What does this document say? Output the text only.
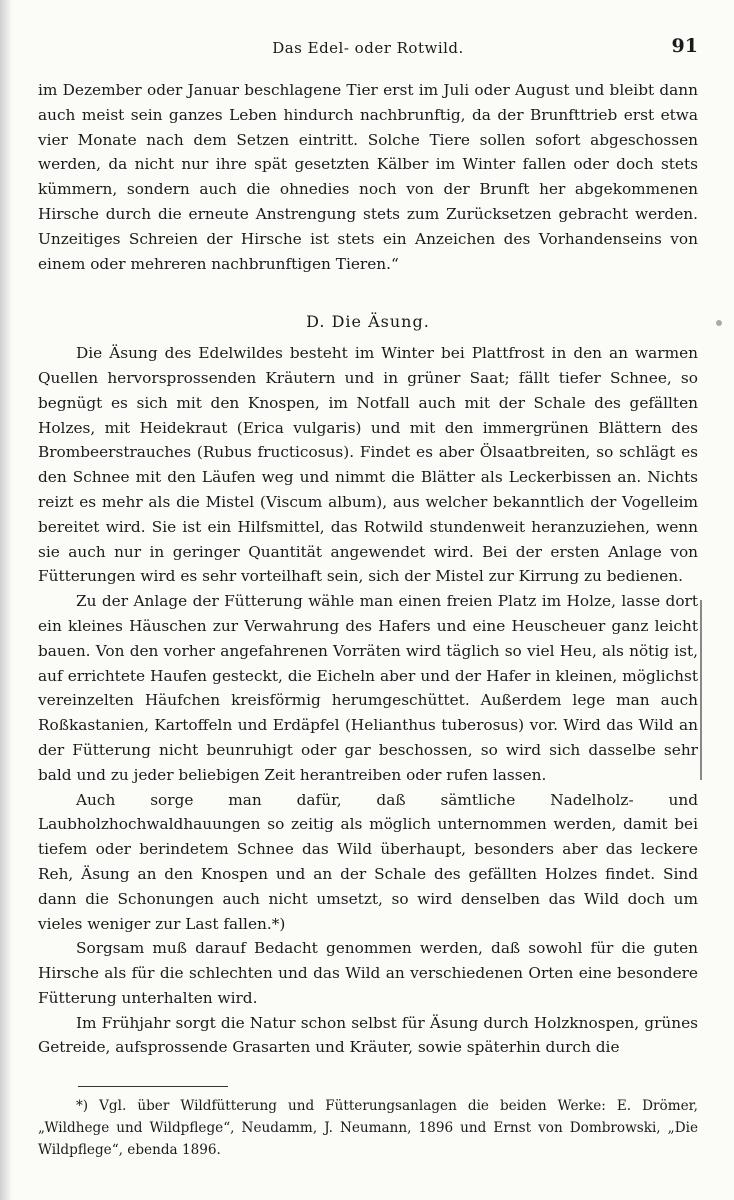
Das Edel- oder Rotwild.	91

im Dezember oder Januar beschlagene Tier erst im Juli oder August und bleibt dann auch meist sein ganzes Leben hindurch nachbrunftig, da der Brunfttrieb erst etwa vier Monate nach dem Setzen eintritt. Solche Tiere sollen sofort abgeschossen werden, da nicht nur ihre spät gesetzten Kälber im Winter fallen oder doch stets kümmern, sondern auch die ohnedies noch von der Brunft her abgekommenen Hirsche durch die erneute Anstrengung stets zum Zurücksetzen gebracht werden. Unzeitiges Schreien der Hirsche ist stets ein Anzeichen des Vorhandenseins von einem oder mehreren nachbrunftigen Tieren.“

D. Die Äsung.

Die Äsung des Edelwildes besteht im Winter bei Plattfrost in den an warmen Quellen hervorsprossenden Kräutern und in grüner Saat; fällt tiefer Schnee, so begnügt es sich mit den Knospen, im Notfall auch mit der Schale des gefällten Holzes, mit Heidekraut (Erica vulgaris) und mit den immergrünen Blättern des Brombeerstrauches (Rubus fructicosus). Findet es aber Ölsaatbreiten, so schlägt es den Schnee mit den Läufen weg und nimmt die Blätter als Leckerbissen an. Nichts reizt es mehr als die Mistel (Viscum album), aus welcher bekanntlich der Vogelleim bereitet wird. Sie ist ein Hilfsmittel, das Rotwild stundenweit heranzuziehen, wenn sie auch nur in geringer Quantität angewendet wird. Bei der ersten Anlage von Fütterungen wird es sehr vorteilhaft sein, sich der Mistel zur Kirrung zu bedienen.

Zu der Anlage der Fütterung wähle man einen freien Platz im Holze, lasse dort ein kleines Häuschen zur Verwahrung des Hafers und eine Heuscheuer ganz leicht bauen. Von den vorher angefahrenen Vorräten wird täglich so viel Heu, als nötig ist, auf errichtete Haufen gesteckt, die Eicheln aber und der Hafer in kleinen, möglichst vereinzelten Häufchen kreisförmig herumgeschüttet. Außerdem lege man auch Roßkastanien, Kartoffeln und Erdäpfel (Helianthus tuberosus) vor. Wird das Wild an der Fütterung nicht beunruhigt oder gar beschossen, so wird sich dasselbe sehr bald und zu jeder beliebigen Zeit herantreiben oder rufen lassen.

Auch sorge man dafür, daß sämtliche Nadelholz- und Laubholzhochwaldhauungen so zeitig als möglich unternommen werden, damit bei tiefem oder berindetem Schnee das Wild überhaupt, besonders aber das leckere Reh, Äsung an den Knospen und an der Schale des gefällten Holzes findet. Sind dann die Schonungen auch nicht umsetzt, so wird denselben das Wild doch um vieles weniger zur Last fallen.*)

Sorgsam muß darauf Bedacht genommen werden, daß sowohl für die guten Hirsche als für die schlechten und das Wild an verschiedenen Orten eine besondere Fütterung unterhalten wird.

Im Frühjahr sorgt die Natur schon selbst für Äsung durch Holzknospen, grünes Getreide, aufsprossende Grasarten und Kräuter, sowie späterhin durch die

*) Vgl. über Wildfütterung und Fütterungsanlagen die beiden Werke: E. Drömer, „Wildhege und Wildpflege“, Neudamm, J. Neumann, 1896 und Ernst von Dombrowski, „Die Wildpflege“, ebenda 1896.
